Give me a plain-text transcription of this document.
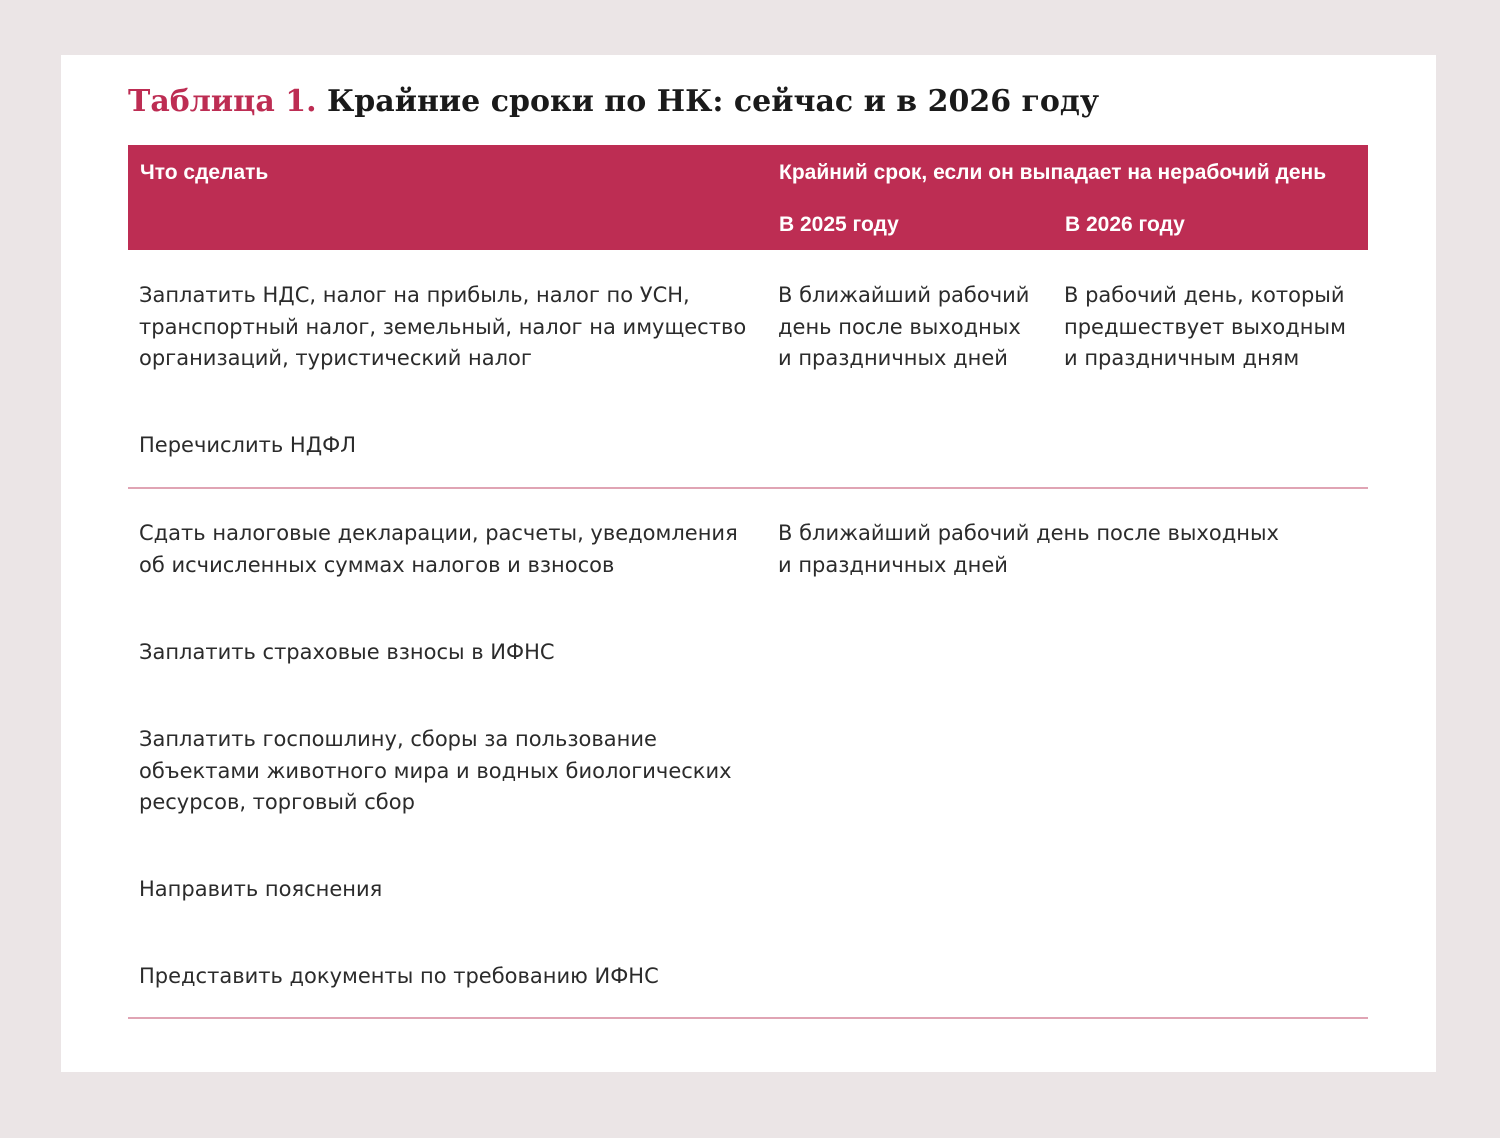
Таблица 1. Крайние сроки по НК: сейчас и в 2026 году
Что сделать	Крайний срок, если он выпадает на нерабочий день
В 2025 году	В 2026 году

Заплатить НДС, налог на прибыль, налог по УСН,
транспортный налог, земельный, налог на имущество
организаций, туристический налог

В ближайший рабочий
день после выходных
и праздничных дней

В рабочий день, который
предшествует выходным
и праздничным дням

Перечислить НДФЛ

Сдать налоговые декларации, расчеты, уведомления
об исчисленных суммах налогов и взносов

В ближайший рабочий день после выходных
и праздничных дней

Заплатить страховые взносы в ИФНС

Заплатить госпошлину, сборы за пользование
объектами животного мира и водных биологических
ресурсов, торговый сбор

Направить пояснения

Представить документы по требованию ИФНС
